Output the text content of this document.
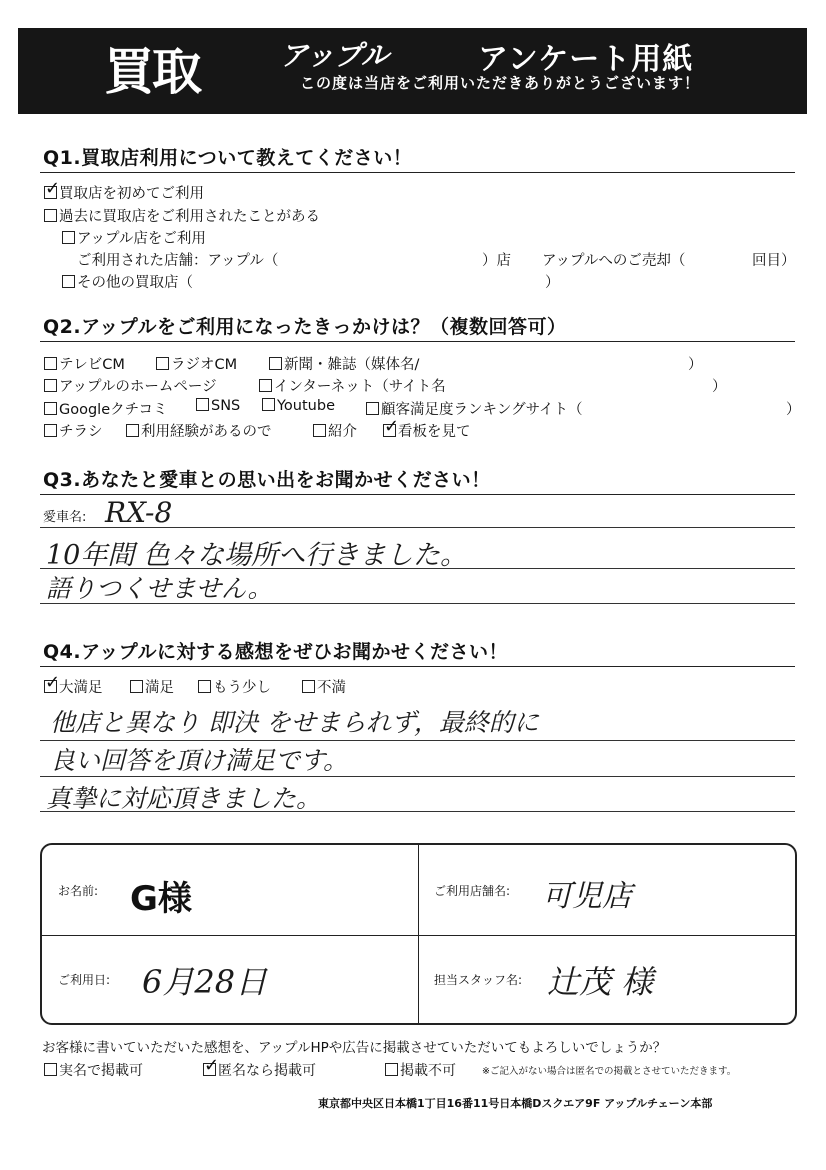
買取	アップル	アンケート用紙
この度は当店をご利用いただきありがとうございます！
Q1.買取店利用について教えてください！
✓買取店を初めてご利用
過去に買取店をご利用されたことがある
アップル店をご利用
ご利用された店舗：アップル（	）店 アップルへのご売却（	回目）
その他の買取店（	）
Q2.アップルをご利用になったきっかけは？（複数回答可）
テレビCM	ラジオCM	新聞・雑誌（媒体名/	）
アップルのホームページ	インターネット（サイト名	）
Googleクチコミ	SNS	Youtube	顧客満足度ランキングサイト（	）
チラシ	利用経験があるので	紹介 ✓	看板を見て
Q3.あなたと愛車との思い出をお聞かせください！
愛車名: RX-8
10年間 色々な場所へ行きました。
語りつくせません。
Q4.アップルに対する感想をぜひお聞かせください！
✓大満足	満足	もう少し	不満
他店と異なり 即決 をせまられず，最終的に
良い回答を頂け満足です。
真摯に対応頂きました。
お名前: G様	ご利用店舗名: 可児店
ご利用日: 6月28日	担当スタッフ名: 辻茂 様
お客様に書いていただいた感想を、アップルHPや広告に掲載させていただいてもよろしいでしょうか？
実名で掲載可 ✓	匿名なら掲載可	掲載不可	※ご記入がない場合は匿名での掲載とさせていただきます。
東京都中央区日本橋1丁目16番11号日本橋Dスクエア9F アップルチェーン本部
